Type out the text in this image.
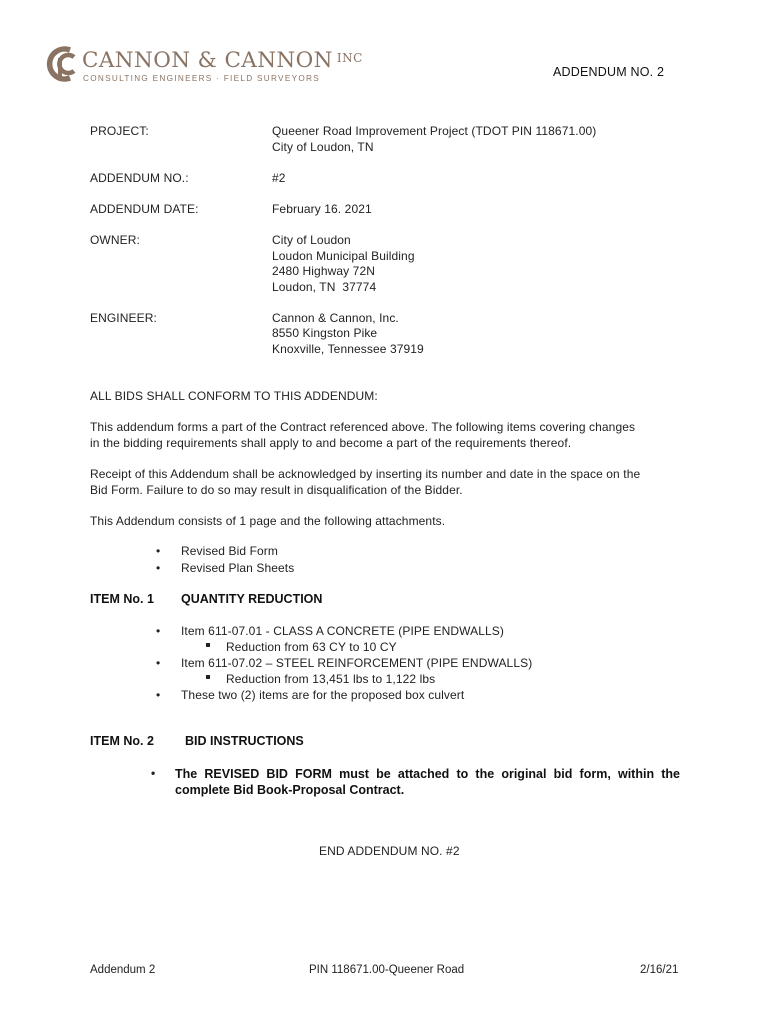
CANNON & CANNON $^{INC}$
CONSULTING ENGINEERS · FIELD SURVEYORS	ADDENDUM NO. 2
PROJECT:	Queener Road Improvement Project (TDOT PIN 118671.00)
City of Loudon, TN
ADDENDUM NO.:	#2
ADDENDUM DATE:	February 16. 2021
OWNER:	City of Loudon
Loudon Municipal Building
2480 Highway 72N
Loudon, TN  37774
ENGINEER:	Cannon & Cannon, Inc.
8550 Kingston Pike
Knoxville, Tennessee 37919
ALL BIDS SHALL CONFORM TO THIS ADDENDUM:
This addendum forms a part of the Contract referenced above. The following items covering changes
in the bidding requirements shall apply to and become a part of the requirements thereof.
Receipt of this Addendum shall be acknowledged by inserting its number and date in the space on the
Bid Form. Failure to do so may result in disqualification of the Bidder.
This Addendum consists of 1 page and the following attachments.
• Revised Bid Form
• Revised Plan Sheets
ITEM No. 1 QUANTITY REDUCTION
• Item 611-07.01 - CLASS A CONCRETE (PIPE ENDWALLS)
Reduction from 63 CY to 10 CY
• Item 611-07.02 – STEEL REINFORCEMENT (PIPE ENDWALLS)
Reduction from 13,451 lbs to 1,122 lbs
• These two (2) items are for the proposed box culvert
ITEM No. 2 BID INSTRUCTIONS
• The REVISED BID FORM must be attached to the original bid form, within the
complete Bid Book-Proposal Contract.
END ADDENDUM NO. #2
Addendum 2	PIN 118671.00-Queener Road	2/16/21
